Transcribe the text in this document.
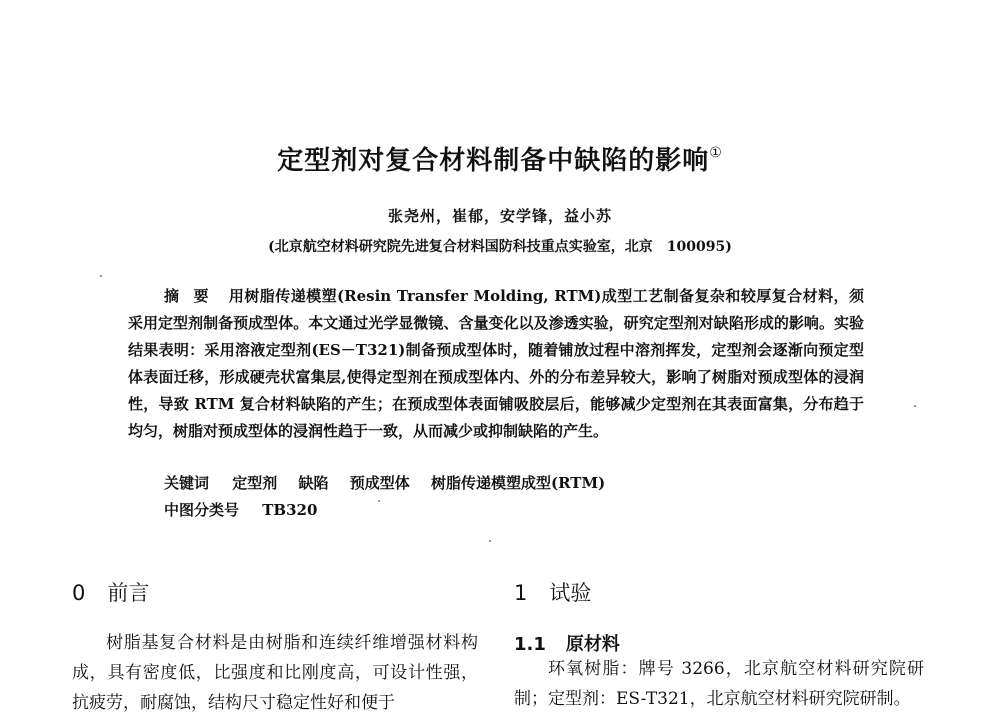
定型剂对复合材料制备中缺陷的影响①
张尧州，崔郁，安学锋，益小苏
(北京航空材料研究院先进复合材料国防科技重点实验室，北京　100095)
摘要 用树脂传递模塑(Resin Transfer Molding, RTM)成型工艺制备复杂和较厚复合材料，须采用定型剂制备预成型体。本文通过光学显微镜、含量变化以及渗透实验，研究定型剂对缺陷形成的影响。实验结果表明：采用溶液定型剂(ES－T321)制备预成型体时，随着铺放过程中溶剂挥发，定型剂会逐渐向预定型体表面迁移，形成硬壳状富集层,使得定型剂在预成型体内、外的分布差异较大，影响了树脂对预成型体的浸润性，导致 RTM 复合材料缺陷的产生；在预成型体表面铺吸胶层后，能够减少定型剂在其表面富集，分布趋于均匀，树脂对预成型体的浸润性趋于一致，从而减少或抑制缺陷的产生。
关键词 定型剂 缺陷 预成型体 树脂传递模塑成型(RTM)
中图分类号 TB320
0 前言
树脂基复合材料是由树脂和连续纤维增强材料构成，具有密度低，比强度和比刚度高，可设计性强，抗疲劳，耐腐蚀，结构尺寸稳定性好和便于
1 试验
1.1 原材料
环氧树脂：牌号 3266，北京航空材料研究院研制；定型剂：ES-T321，北京航空材料研究院研制。
